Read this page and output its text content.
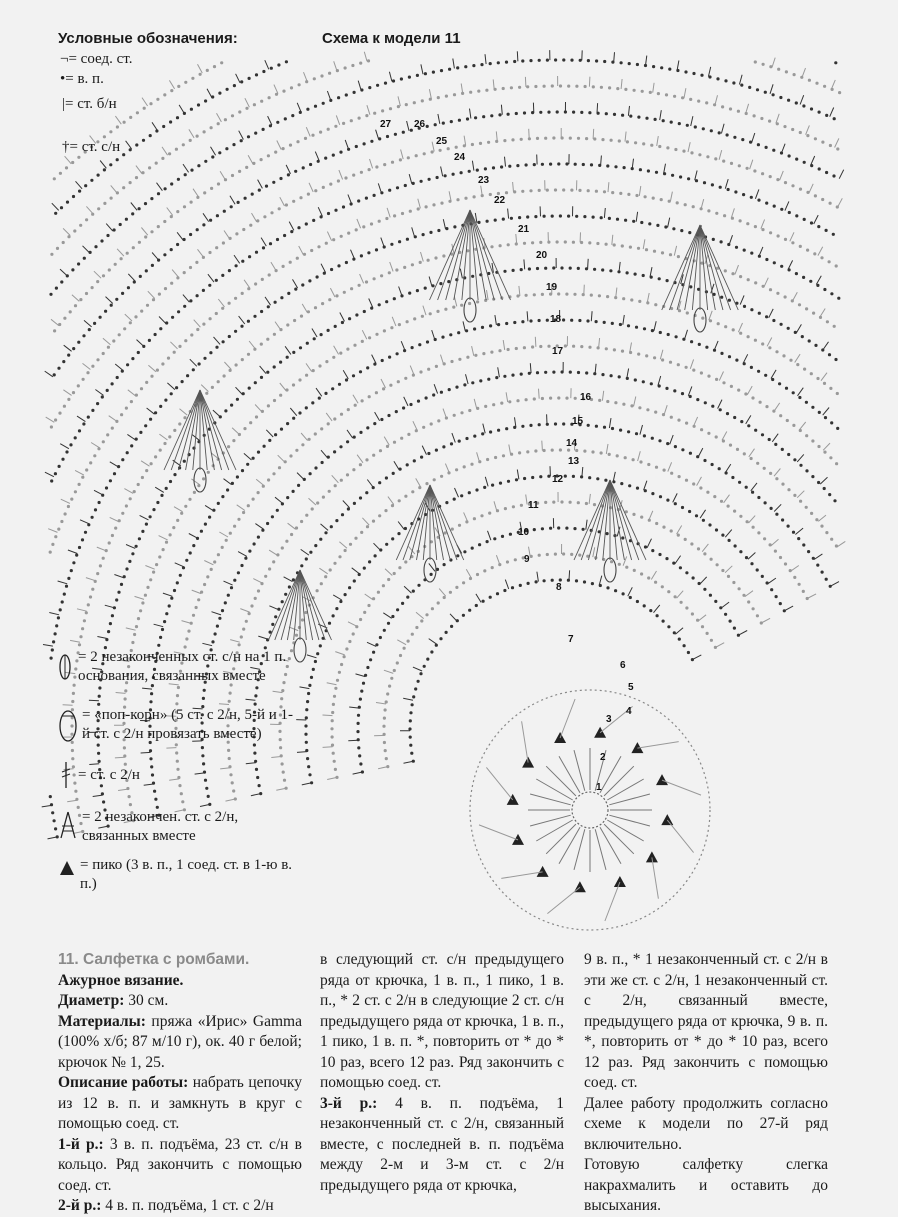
27 26
25
24
23
22
21
20
19
18
17
16
15
14
13
12
11
10
9
8
7
6
5
4
3
2
1
Условные обозначения:	Схема к модели 11
¬= соед. ст.
•= в. п.
|= ст. б/н
†= ст. с/н
= 2 незаконченных ст. с/н на 1 п. основания, связанных вместе
= «поп-корн» (5 ст. с 2/н, 5-й и 1-й ст. с 2/н провязать вместе)
= ст. с 2/н
= 2 незакончен. ст. с 2/н, связанных вместе
= пико (3 в. п., 1 соед. ст. в 1-ю в. п.)

11. Салфетка с ромбами.

Ажурное вязание.

Диаметр: 30 см.

Материалы: пряжа «Ирис» Gamma (100% х/б; 87 м/10 г), ок. 40 г белой; крючок № 1, 25.

Описание работы: набрать цепочку из 12 в. п. и замкнуть в круг с помощью соед. ст.

1-й р.: 3 в. п. подъёма, 23 ст. с/н в кольцо. Ряд закончить с помощью соед. ст.

2-й р.: 4 в. п. подъёма, 1 ст. с 2/н

в следующий ст. с/н предыдущего ряда от крючка, 1 в. п., 1 пико, 1 в. п., * 2 ст. с 2/н в следующие 2 ст. с/н предыдущего ряда от крючка, 1 в. п., 1 пико, 1 в. п. *, повторить от * до * 10 раз, всего 12 раз. Ряд закончить с помощью соед. ст.

3-й р.: 4 в. п. подъёма, 1 незаконченный ст. с 2/н, связанный вместе, с последней в. п. подъёма между 2-м и 3-м ст. с 2/н предыдущего ряда от крючка,

9 в. п., * 1 незаконченный ст. с 2/н в эти же ст. с 2/н, 1 незаконченный ст. с 2/н, связанный вместе, предыдущего ряда от крючка, 9 в. п. *, повторить от * до * 10 раз, всего 12 раз. Ряд закончить с помощью соед. ст.

Далее работу продолжить согласно схеме к модели по 27-й ряд включительно.

Готовую салфетку слегка накрахмалить и оставить до высыхания.
